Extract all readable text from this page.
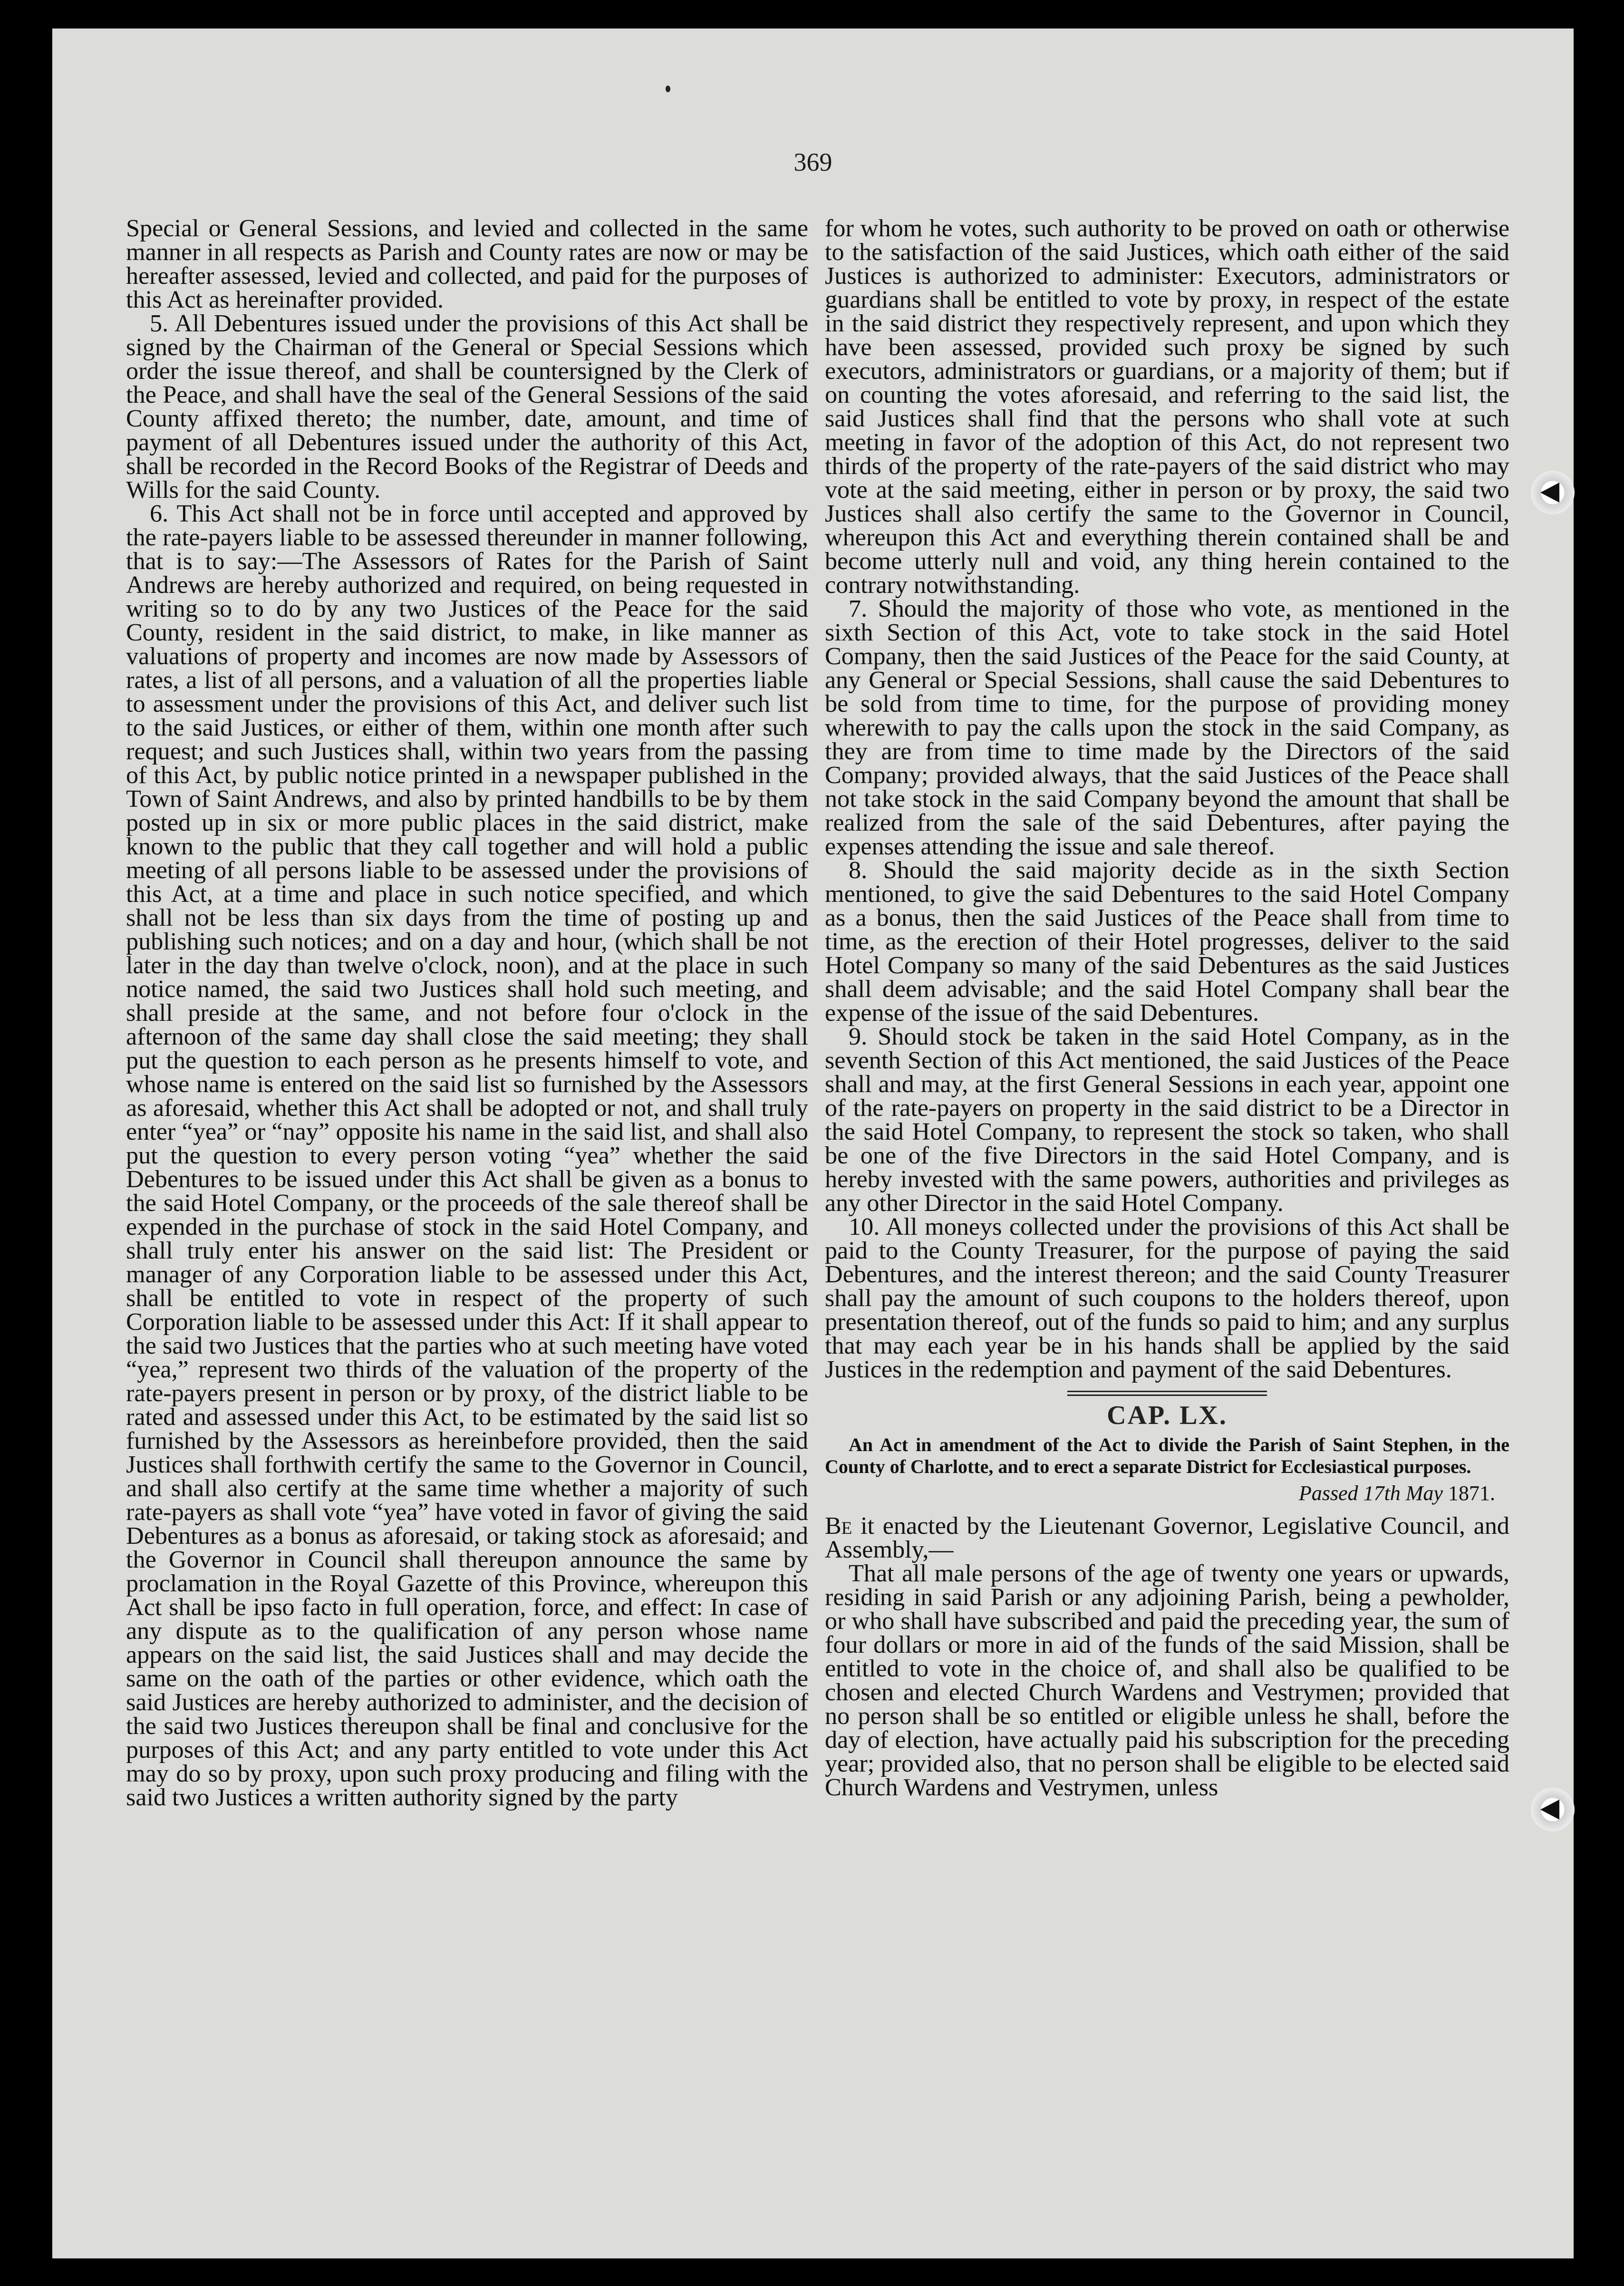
369

Special or General Sessions, and levied and collected in the same manner in all respects as Parish and County rates are now or may be hereafter assessed, levied and collected, and paid for the purposes of this Act as hereinafter provided.

5. All Debentures issued under the provisions of this Act shall be signed by the Chairman of the General or Special Sessions which order the issue thereof, and shall be countersigned by the Clerk of the Peace, and shall have the seal of the General Sessions of the said County affixed thereto; the number, date, amount, and time of payment of all Debentures issued under the authority of this Act, shall be recorded in the Record Books of the Registrar of Deeds and Wills for the said County.

6. This Act shall not be in force until accepted and approved by the rate-payers liable to be assessed thereunder in manner following, that is to say:—The Assessors of Rates for the Parish of Saint Andrews are hereby authorized and required, on being requested in writing so to do by any two Justices of the Peace for the said County, resident in the said district, to make, in like manner as valuations of property and incomes are now made by Assessors of rates, a list of all persons, and a valuation of all the properties liable to assessment under the provisions of this Act, and deliver such list to the said Justices, or either of them, within one month after such request; and such Justices shall, within two years from the passing of this Act, by public notice printed in a newspaper published in the Town of Saint Andrews, and also by printed handbills to be by them posted up in six or more public places in the said district, make known to the public that they call together and will hold a public meeting of all persons liable to be assessed under the provisions of this Act, at a time and place in such notice specified, and which shall not be less than six days from the time of posting up and publishing such notices; and on a day and hour, (which shall be not later in the day than twelve o'clock, noon), and at the place in such notice named, the said two Justices shall hold such meeting, and shall preside at the same, and not before four o'clock in the afternoon of the same day shall close the said meeting; they shall put the question to each person as he presents himself to vote, and whose name is entered on the said list so furnished by the Assessors as aforesaid, whether this Act shall be adopted or not, and shall truly enter “yea” or “nay” opposite his name in the said list, and shall also put the question to every person voting “yea” whether the said Debentures to be issued under this Act shall be given as a bonus to the said Hotel Company, or the proceeds of the sale thereof shall be expended in the purchase of stock in the said Hotel Company, and shall truly enter his answer on the said list: The President or manager of any Corporation liable to be assessed under this Act, shall be entitled to vote in respect of the property of such Corporation liable to be assessed under this Act: If it shall appear to the said two Justices that the parties who at such meeting have voted “yea,” represent two thirds of the valuation of the property of the rate-payers present in person or by proxy, of the district liable to be rated and assessed under this Act, to be estimated by the said list so furnished by the Assessors as hereinbefore provided, then the said Justices shall forthwith certify the same to the Governor in Council, and shall also certify at the same time whether a majority of such rate-payers as shall vote “yea” have voted in favor of giving the said Debentures as a bonus as aforesaid, or taking stock as aforesaid; and the Governor in Council shall thereupon announce the same by proclamation in the Royal Gazette of this Province, whereupon this Act shall be ipso facto in full operation, force, and effect: In case of any dispute as to the qualification of any person whose name appears on the said list, the said Justices shall and may decide the same on the oath of the parties or other evidence, which oath the said Justices are hereby authorized to administer, and the decision of the said two Justices thereupon shall be final and conclusive for the purposes of this Act; and any party entitled to vote under this Act may do so by proxy, upon such proxy producing and filing with the said two Justices a written authority signed by the party

for whom he votes, such authority to be proved on oath or otherwise to the satisfaction of the said Justices, which oath either of the said Justices is authorized to administer: Executors, administrators or guardians shall be entitled to vote by proxy, in respect of the estate in the said district they respectively represent, and upon which they have been assessed, provided such proxy be signed by such executors, administrators or guardians, or a majority of them; but if on counting the votes aforesaid, and referring to the said list, the said Justices shall find that the persons who shall vote at such meeting in favor of the adoption of this Act, do not represent two thirds of the property of the rate-payers of the said district who may vote at the said meeting, either in person or by proxy, the said two Justices shall also certify the same to the Governor in Council, whereupon this Act and everything therein contained shall be and become utterly null and void, any thing herein contained to the contrary notwithstanding.

7. Should the majority of those who vote, as mentioned in the sixth Section of this Act, vote to take stock in the said Hotel Company, then the said Justices of the Peace for the said County, at any General or Special Sessions, shall cause the said Debentures to be sold from time to time, for the purpose of providing money wherewith to pay the calls upon the stock in the said Company, as they are from time to time made by the Directors of the said Company; provided always, that the said Justices of the Peace shall not take stock in the said Company beyond the amount that shall be realized from the sale of the said Debentures, after paying the expenses attending the issue and sale thereof.

8. Should the said majority decide as in the sixth Section mentioned, to give the said Debentures to the said Hotel Company as a bonus, then the said Justices of the Peace shall from time to time, as the erection of their Hotel progresses, deliver to the said Hotel Company so many of the said Debentures as the said Justices shall deem advisable; and the said Hotel Company shall bear the expense of the issue of the said Debentures.

9. Should stock be taken in the said Hotel Company, as in the seventh Section of this Act mentioned, the said Justices of the Peace shall and may, at the first General Sessions in each year, appoint one of the rate-payers on property in the said district to be a Director in the said Hotel Company, to represent the stock so taken, who shall be one of the five Directors in the said Hotel Company, and is hereby invested with the same powers, authorities and privileges as any other Director in the said Hotel Company.

10. All moneys collected under the provisions of this Act shall be paid to the County Treasurer, for the purpose of paying the said Debentures, and the interest thereon; and the said County Treasurer shall pay the amount of such coupons to the holders thereof, upon presentation thereof, out of the funds so paid to him; and any surplus that may each year be in his hands shall be applied by the said Justices in the redemption and payment of the said Debentures.

CAP. LX.

An Act in amendment of the Act to divide the Parish of Saint Stephen, in the County of Charlotte, and to erect a separate District for Ecclesiastical purposes.

Passed 17th May 1871.

Be it enacted by the Lieutenant Governor, Legislative Council, and Assembly,—

That all male persons of the age of twenty one years or upwards, residing in said Parish or any adjoining Parish, being a pewholder, or who shall have subscribed and paid the preceding year, the sum of four dollars or more in aid of the funds of the said Mission, shall be entitled to vote in the choice of, and shall also be qualified to be chosen and elected Church Wardens and Vestrymen; provided that no person shall be so entitled or eligible unless he shall, before the day of election, have actually paid his subscription for the preceding year; provided also, that no person shall be eligible to be elected said Church Wardens and Vestrymen, unless
